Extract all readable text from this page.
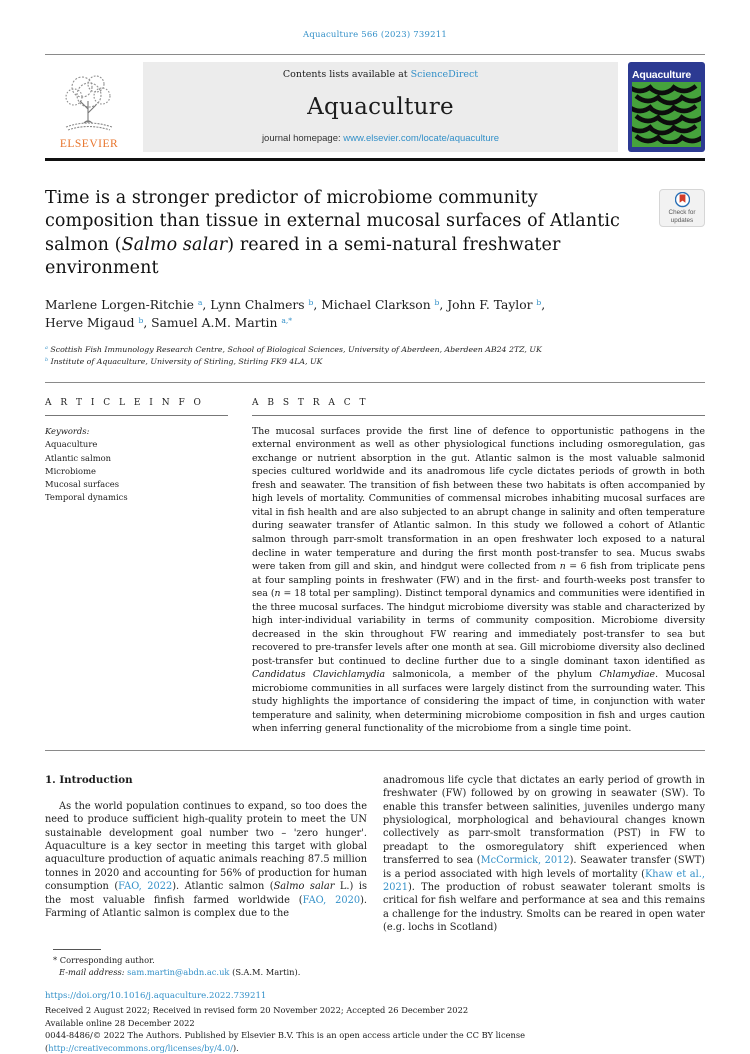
Aquaculture 566 (2023) 739211
ELSEVIER
Contents lists available at ScienceDirect
Aquaculture
journal homepage: www.elsevier.com/locate/aquaculture
Aquaculture
Time is a stronger predictor of microbiome community composition than tissue in external mucosal surfaces of Atlantic salmon (Salmo salar) reared in a semi-natural freshwater environment
Check for
updates
Marlene Lorgen-Ritchie $^a$, Lynn Chalmers $^b$, Michael Clarkson $^b$, John F. Taylor $^b$,
Herve Migaud $^b$, Samuel A.M. Martin $^{a,*}$
$^a$ Scottish Fish Immunology Research Centre, School of Biological Sciences, University of Aberdeen, Aberdeen AB24 2TZ, UK
$^b$ Institute of Aquaculture, University of Stirling, Stirling FK9 4LA, UK
A R T I C L E I N F O
Keywords:
Aquaculture
Atlantic salmon
Microbiome
Mucosal surfaces
Temporal dynamics
A B S T R A C T
The mucosal surfaces provide the first line of defence to opportunistic pathogens in the external environment as well as other physiological functions including osmoregulation, gas exchange or nutrient absorption in the gut. Atlantic salmon is the most valuable salmonid species cultured worldwide and its anadromous life cycle dictates periods of growth in both fresh and seawater. The transition of fish between these two habitats is often accompanied by high levels of mortality. Communities of commensal microbes inhabiting mucosal surfaces are vital in fish health and are also subjected to an abrupt change in salinity and often temperature during seawater transfer of Atlantic salmon. In this study we followed a cohort of Atlantic salmon through parr-smolt transformation in an open freshwater loch exposed to a natural decline in water temperature and during the first month post-transfer to sea. Mucus swabs were taken from gill and skin, and hindgut were collected from n = 6 fish from triplicate pens at four sampling points in freshwater (FW) and in the first- and fourth-weeks post transfer to sea (n = 18 total per sampling). Distinct temporal dynamics and communities were identified in the three mucosal surfaces. The hindgut microbiome diversity was stable and characterized by high inter-individual variability in terms of community composition. Microbiome diversity decreased in the skin throughout FW rearing and immediately post-transfer to sea but recovered to pre-transfer levels after one month at sea. Gill microbiome diversity also declined post-transfer but continued to decline further due to a single dominant taxon identified as Candidatus Clavichlamydia salmonicola, a member of the phylum Chlamydiae. Mucosal microbiome communities in all surfaces were largely distinct from the surrounding water. This study highlights the importance of considering the impact of time, in conjunction with water temperature and salinity, when determining microbiome composition in fish and urges caution when inferring general functionality of the microbiome from a single time point.
1. Introduction
As the world population continues to expand, so too does the need to produce sufficient high-quality protein to meet the UN sustainable development goal number two – 'zero hunger'. Aquaculture is a key sector in meeting this target with global aquaculture production of aquatic animals reaching 87.5 million tonnes in 2020 and accounting for 56% of production for human consumption (FAO, 2022). Atlantic salmon (Salmo salar L.) is the most valuable finfish farmed worldwide (FAO, 2020). Farming of Atlantic salmon is complex due to the
anadromous life cycle that dictates an early period of growth in freshwater (FW) followed by on growing in seawater (SW). To enable this transfer between salinities, juveniles undergo many physiological, morphological and behavioural changes known collectively as parr-smolt transformation (PST) in FW to preadapt to the osmoregulatory shift experienced when transferred to sea (McCormick, 2012). Seawater transfer (SWT) is a period associated with high levels of mortality (Khaw et al., 2021). The production of robust seawater tolerant smolts is critical for fish welfare and performance at sea and this remains a challenge for the industry. Smolts can be reared in open water (e.g. lochs in Scotland)
* Corresponding author.
E-mail address: sam.martin@abdn.ac.uk (S.A.M. Martin).
https://doi.org/10.1016/j.aquaculture.2022.739211
Received 2 August 2022; Received in revised form 20 November 2022; Accepted 26 December 2022
Available online 28 December 2022
0044-8486/© 2022 The Authors. Published by Elsevier B.V. This is an open access article under the CC BY license (http://creativecommons.org/licenses/by/4.0/).
